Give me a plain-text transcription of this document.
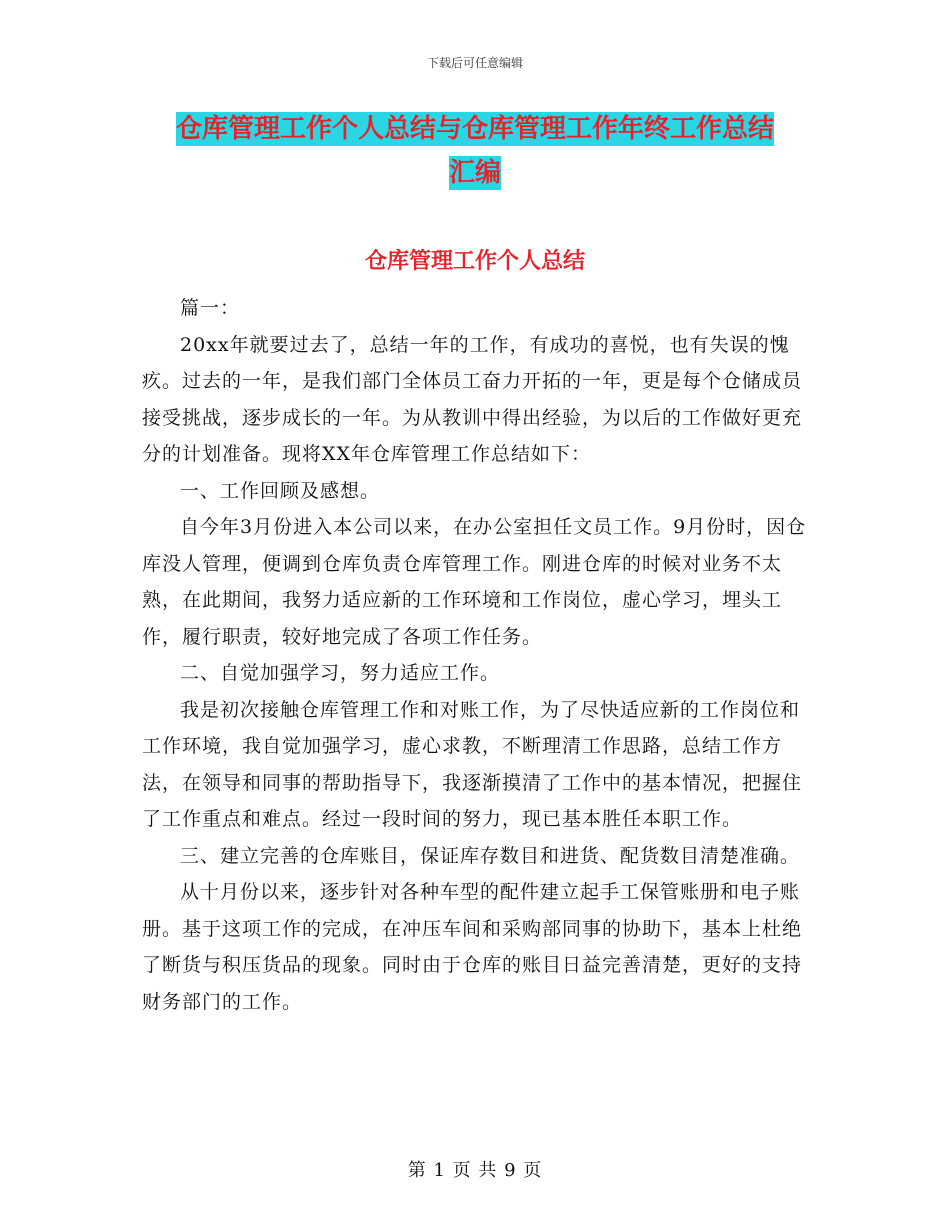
下载后可任意编辑
仓库管理工作个人总结与仓库管理工作年终工作总结
汇编
仓库管理工作个人总结

篇一：

20xx年就要过去了，总结一年的工作，有成功的喜悦，也有失误的愧疚。过去的一年，是我们部门全体员工奋力开拓的一年，更是每个仓储成员接受挑战，逐步成长的一年。为从教训中得出经验，为以后的工作做好更充分的计划准备。现将XX年仓库管理工作总结如下：

一、工作回顾及感想。

自今年3月份进入本公司以来，在办公室担任文员工作。9月份时，因仓库没人管理，便调到仓库负责仓库管理工作。刚进仓库的时候对业务不太熟，在此期间，我努力适应新的工作环境和工作岗位，虚心学习，埋头工作，履行职责，较好地完成了各项工作任务。

二、自觉加强学习，努力适应工作。

我是初次接触仓库管理工作和对账工作，为了尽快适应新的工作岗位和工作环境，我自觉加强学习，虚心求教，不断理清工作思路，总结工作方法，在领导和同事的帮助指导下，我逐渐摸清了工作中的基本情况，把握住了工作重点和难点。经过一段时间的努力，现已基本胜任本职工作。

三、建立完善的仓库账目，保证库存数目和进货、配货数目清楚准确。

从十月份以来，逐步针对各种车型的配件建立起手工保管账册和电子账册。基于这项工作的完成，在冲压车间和采购部同事的协助下，基本上杜绝了断货与积压货品的现象。同时由于仓库的账目日益完善清楚，更好的支持财务部门的工作。

第 1 页 共 9 页
